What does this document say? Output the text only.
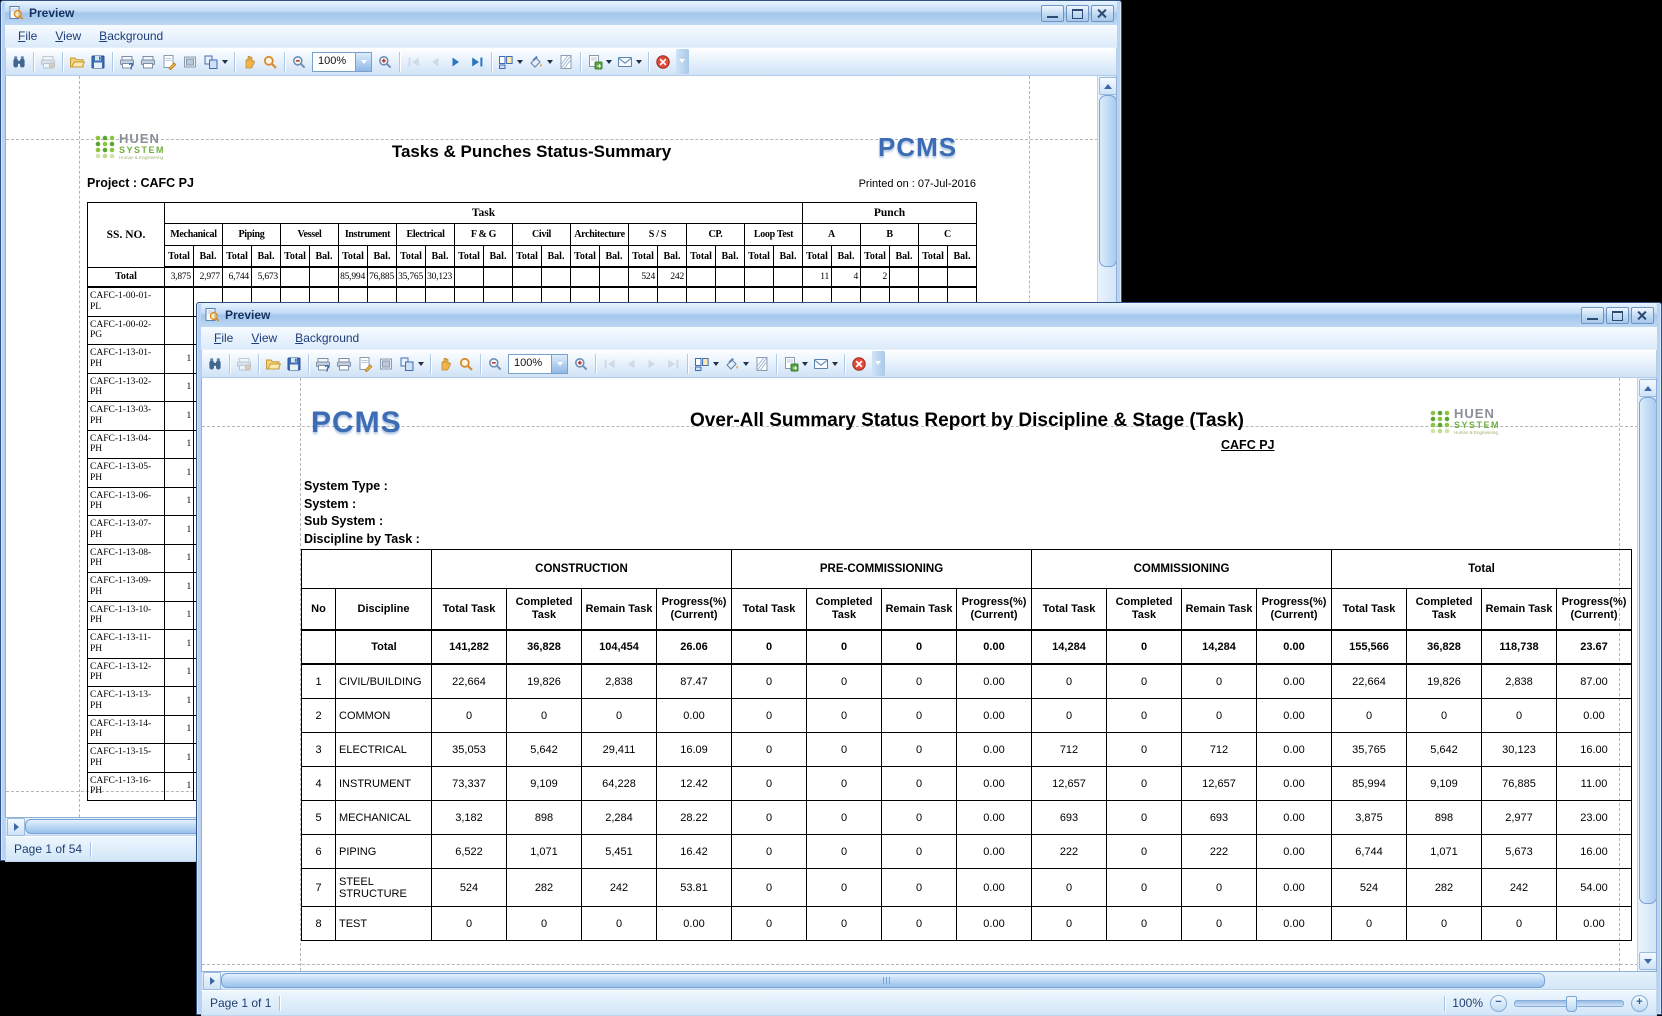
Preview
File	View	Background
?	100%
HUEN
SYSTEM
Human & Engineering	Tasks & Punches Status-Summary	PCMS
Project : CAFC PJ	Printed on : 07-Jul-2016
SS. NO.	Task																						Punch					
	Mechanical		Piping		Vessel		Instrument		Electrical		F & G		Civil		Architecture		S / S		CP.		Loop Test		A		B		C	
	Total	Bal.	Total	Bal.	Total	Bal.	Total	Bal.	Total	Bal.	Total	Bal.	Total	Bal.	Total	Bal.	Total	Bal.	Total	Bal.	Total	Bal.	Total	Bal.	Total	Bal.	Total	Bal.
Total	3,875	2,977	6,744	5,673			85,994	76,885	35,765	30,123							524	242					11	4	2			
CAFC-1-00-01-PL																												
CAFC-1-00-02-PG																												
CAFC-1-13-01-PH	1																											
CAFC-1-13-02-PH	1																											
CAFC-1-13-03-PH	1																											
CAFC-1-13-04-PH	1																											
CAFC-1-13-05-PH	1																											
CAFC-1-13-06-PH	1																											
CAFC-1-13-07-PH	1																											
CAFC-1-13-08-PH	1																											
CAFC-1-13-09-PH	1																											
CAFC-1-13-10-PH	1																											
CAFC-1-13-11-PH	1																											
CAFC-1-13-12-PH	1																											
CAFC-1-13-13-PH	1																											
CAFC-1-13-14-PH	1																											
CAFC-1-13-15-PH	1																											
CAFC-1-13-16-PH	1																											
Page 1 of 54
Preview
File	View	Background
?	100%
PCMS	Over-All Summary Status Report by Discipline & Stage (Task)
CAFC PJ
HUEN
SYSTEM
Human & Engineering
System Type :
System :
Sub System :
Discipline by Task :
		CONSTRUCTION				PRE-COMMISSIONING				COMMISSIONING				Total			
No	Discipline	Total Task	Completed
Task	Remain Task	Progress(%)
(Current)	Total Task	Completed
Task	Remain Task	Progress(%)
(Current)	Total Task	Completed
Task	Remain Task	Progress(%)
(Current)	Total Task	Completed
Task	Remain Task	Progress(%)
(Current)
	Total	141,282	36,828	104,454	26.06	0	0	0	0.00	14,284	0	14,284	0.00	155,566	36,828	118,738	23.67
1	CIVIL/BUILDING	22,664	19,826	2,838	87.47	0	0	0	0.00	0	0	0	0.00	22,664	19,826	2,838	87.00
2	COMMON	0	0	0	0.00	0	0	0	0.00	0	0	0	0.00	0	0	0	0.00
3	ELECTRICAL	35,053	5,642	29,411	16.09	0	0	0	0.00	712	0	712	0.00	35,765	5,642	30,123	16.00
4	INSTRUMENT	73,337	9,109	64,228	12.42	0	0	0	0.00	12,657	0	12,657	0.00	85,994	9,109	76,885	11.00
5	MECHANICAL	3,182	898	2,284	28.22	0	0	0	0.00	693	0	693	0.00	3,875	898	2,977	23.00
6	PIPING	6,522	1,071	5,451	16.42	0	0	0	0.00	222	0	222	0.00	6,744	1,071	5,673	16.00
7	STEEL STRUCTURE	524	282	242	53.81	0	0	0	0.00	0	0	0	0.00	524	282	242	54.00
8	TEST	0	0	0	0.00	0	0	0	0.00	0	0	0	0.00	0	0	0	0.00
Page 1 of 1	100%	−	+
